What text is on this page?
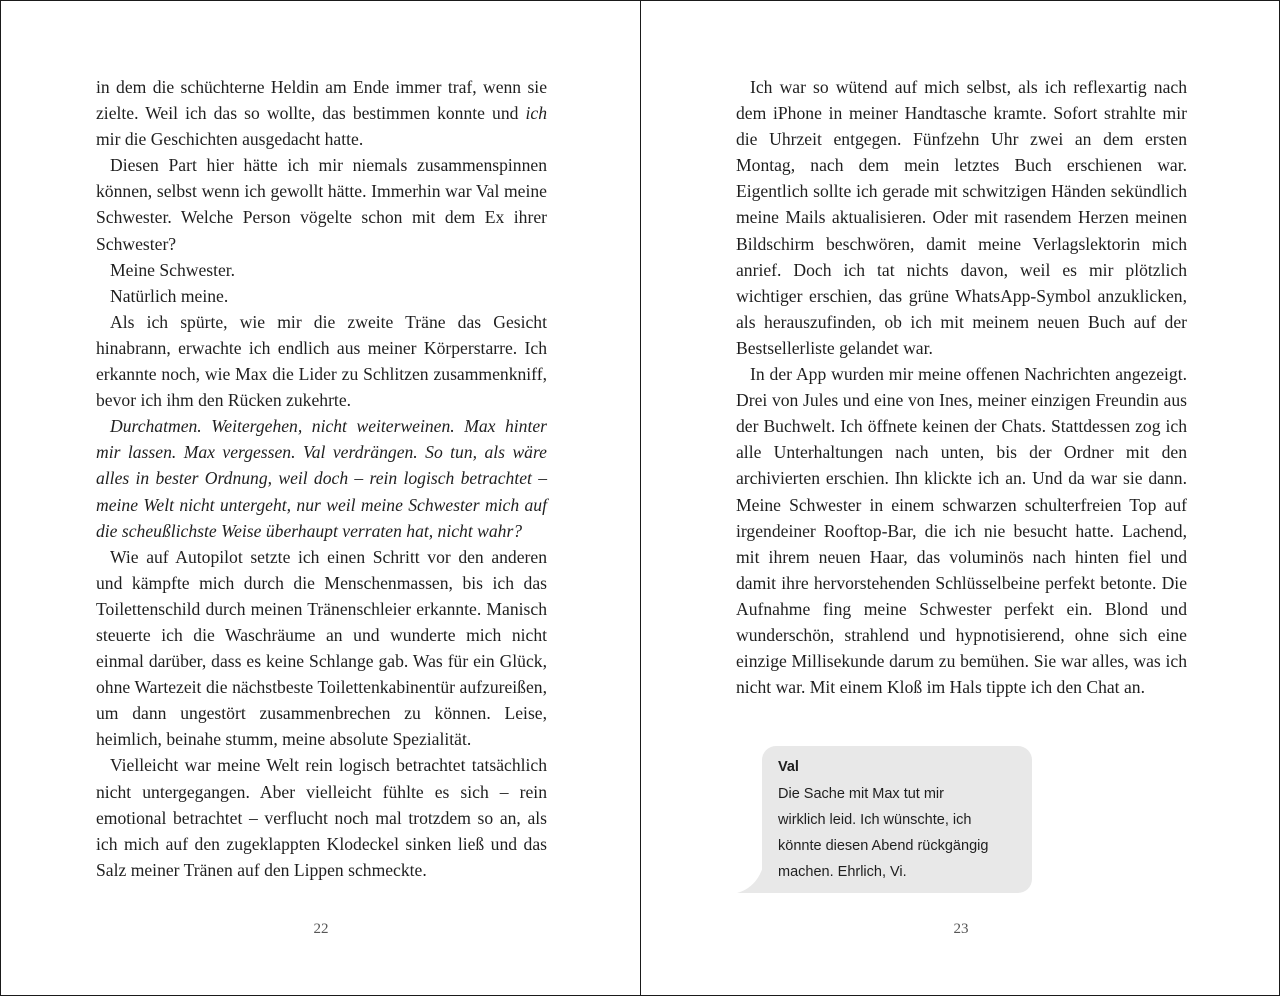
in dem die schüchterne Heldin am Ende immer traf, wenn sie zielte. Weil ich das so wollte, das bestimmen konnte und ich mir die Geschichten ausgedacht hatte.

Diesen Part hier hätte ich mir niemals zusammenspinnen können, selbst wenn ich gewollt hätte. Immerhin war Val meine Schwester. Welche Person vögelte schon mit dem Ex ihrer Schwester?

Meine Schwester.

Natürlich meine.

Als ich spürte, wie mir die zweite Träne das Gesicht hinabrann, erwachte ich endlich aus meiner Körperstarre. Ich erkannte noch, wie Max die Lider zu Schlitzen zusammenkniff, bevor ich ihm den Rücken zukehrte.

Durchatmen. Weitergehen, nicht weiterweinen. Max hinter mir lassen. Max vergessen. Val verdrängen. So tun, als wäre alles in bester Ordnung, weil doch – rein logisch betrachtet – meine Welt nicht untergeht, nur weil meine Schwester mich auf die scheußlichste Weise überhaupt verraten hat, nicht wahr?

Wie auf Autopilot setzte ich einen Schritt vor den anderen und kämpfte mich durch die Menschenmassen, bis ich das Toilettenschild durch meinen Tränenschleier erkannte. Manisch steuerte ich die Waschräume an und wunderte mich nicht einmal darüber, dass es keine Schlange gab. Was für ein Glück, ohne Wartezeit die nächstbeste Toilettenkabinentür aufzureißen, um dann ungestört zusammenbrechen zu können. Leise, heimlich, beinahe stumm, meine absolute Spezialität.

Vielleicht war meine Welt rein logisch betrachtet tatsächlich nicht untergegangen. Aber vielleicht fühlte es sich – rein emotional betrachtet – verflucht noch mal trotzdem so an, als ich mich auf den zugeklappten Klodeckel sinken ließ und das Salz meiner Tränen auf den Lippen schmeckte.

22

Ich war so wütend auf mich selbst, als ich reflexartig nach dem iPhone in meiner Handtasche kramte. Sofort strahlte mir die Uhrzeit entgegen. Fünfzehn Uhr zwei an dem ersten Montag, nach dem mein letztes Buch erschienen war. Eigentlich sollte ich gerade mit schwitzigen Händen sekündlich meine Mails aktualisieren. Oder mit rasendem Herzen meinen Bildschirm beschwören, damit meine Verlagslektorin mich anrief. Doch ich tat nichts davon, weil es mir plötzlich wichtiger erschien, das grüne WhatsApp-Symbol anzuklicken, als herauszufinden, ob ich mit meinem neuen Buch auf der Bestsellerliste gelandet war.

In der App wurden mir meine offenen Nachrichten angezeigt. Drei von Jules und eine von Ines, meiner einzigen Freundin aus der Buchwelt. Ich öffnete keinen der Chats. Stattdessen zog ich alle Unterhaltungen nach unten, bis der Ordner mit den archivierten erschien. Ihn klickte ich an. Und da war sie dann. Meine Schwester in einem schwarzen schulterfreien Top auf irgendeiner Rooftop-Bar, die ich nie besucht hatte. Lachend, mit ihrem neuen Haar, das voluminös nach hinten fiel und damit ihre hervorstehenden Schlüsselbeine perfekt betonte. Die Aufnahme fing meine Schwester perfekt ein. Blond und wunderschön, strahlend und hypnotisierend, ohne sich eine einzige Millisekunde darum zu bemühen. Sie war alles, was ich nicht war. Mit einem Kloß im Hals tippte ich den Chat an.

Val
Die Sache mit Max tut mir
wirklich leid. Ich wünschte, ich
könnte diesen Abend rückgängig
machen. Ehrlich, Vi.
23
